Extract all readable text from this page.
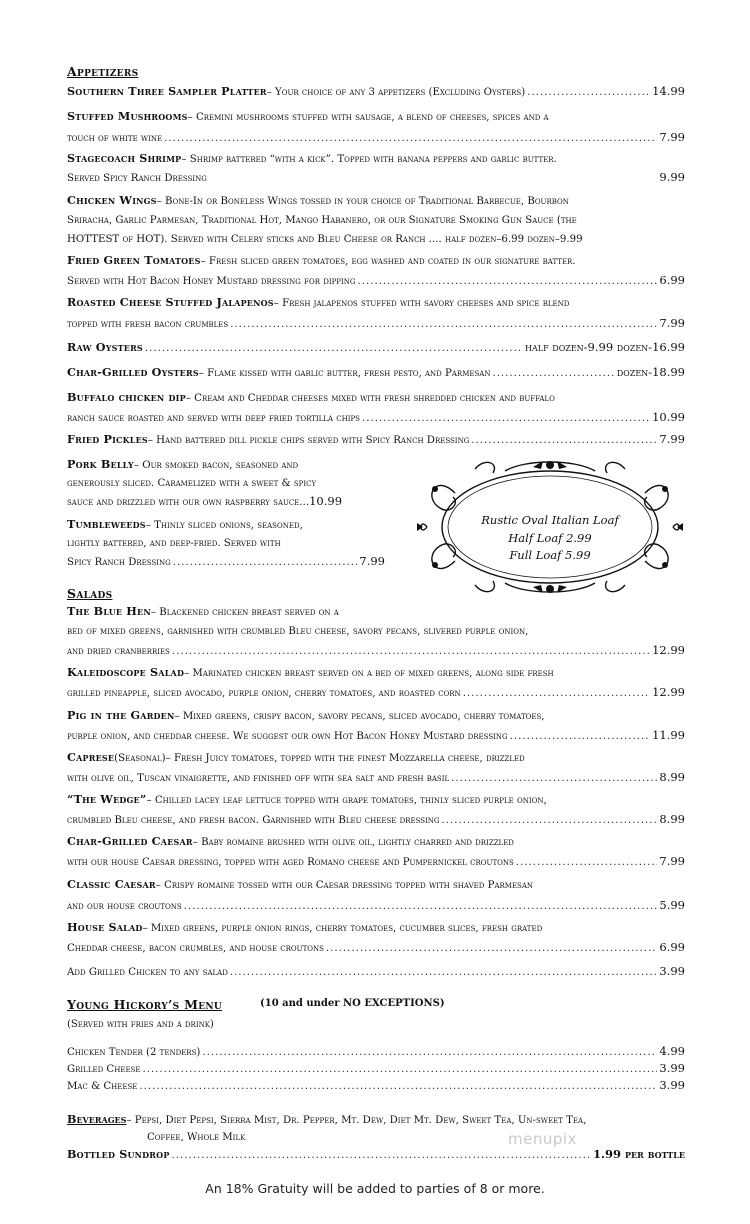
Appetizers
Southern Three Sampler Platter – Your choice of any 3 appetizers (Excluding Oysters) .....	14.99
Stuffed Mushrooms – Cremini mushrooms stuffed with sausage, a blend of cheeses, spices and a
touch of white wine .....	7.99
Stagecoach Shrimp – Shrimp battered “with a kick”. Topped with banana peppers and garlic butter.
Served Spicy Ranch Dressing	9.99
Chicken Wings – Bone-In or Boneless Wings tossed in your choice of Traditional Barbecue, Bourbon
Sriracha, Garlic Parmesan, Traditional Hot, Mango Habanero, or our Signature Smoking Gun Sauce (the
HOTTEST of HOT). Served with Celery sticks and Bleu Cheese or Ranch .... half dozen–6.99 dozen–9.99
Fried Green Tomatoes – Fresh sliced green tomatoes, egg washed and coated in our signature batter.
Served with Hot Bacon Honey Mustard dressing for dipping .....	6.99
Roasted Cheese Stuffed Jalapenos – Fresh jalapenos stuffed with savory cheeses and spice blend
topped with fresh bacon crumbles .....	7.99
Raw Oysters .....	half dozen-9.99 dozen-16.99
Char-Grilled Oysters – Flame kissed with garlic butter, fresh pesto, and Parmesan .....	dozen-18.99
Buffalo chicken dip – Cream and Cheddar cheeses mixed with fresh shredded chicken and buffalo
ranch sauce roasted and served with deep fried tortilla chips .....	10.99
Fried Pickles – Hand battered dill pickle chips served with Spicy Ranch Dressing .....	7.99
Pork Belly – Our smoked bacon, seasoned and
generously sliced. Caramelized with a sweet & spicy
sauce and drizzled with our own raspberry sauce... 10.99
Tumbleweeds – Thinly sliced onions, seasoned,
lightly battered, and deep-fried. Served with
Spicy Ranch Dressing .....	7.99
Rustic Oval Italian Loaf
Half Loaf 2.99
Full Loaf 5.99
Salads
The Blue Hen – Blackened chicken breast served on a
bed of mixed greens, garnished with crumbled Bleu cheese, savory pecans, slivered purple onion,
and dried cranberries .....	12.99
Kaleidoscope Salad – Marinated chicken breast served on a bed of mixed greens, along side fresh
grilled pineapple, sliced avocado, purple onion, cherry tomatoes, and roasted corn .....	12.99
Pig in the Garden – Mixed greens, crispy bacon, savory pecans, sliced avocado, cherry tomatoes,
purple onion, and cheddar cheese. We suggest our own Hot Bacon Honey Mustard dressing .....	11.99
Caprese (Seasonal) – Fresh Juicy tomatoes, topped with the finest Mozzarella cheese, drizzled
with olive oil, Tuscan vinaigrette, and finished off with sea salt and fresh basil .....	8.99
“The Wedge” – Chilled lacey leaf lettuce topped with grape tomatoes, thinly sliced purple onion,
crumbled Bleu cheese, and fresh bacon. Garnished with Bleu cheese dressing .....	8.99
Char-Grilled Caesar – Baby romaine brushed with olive oil, lightly charred and drizzled
with our house Caesar dressing, topped with aged Romano cheese and Pumpernickel croutons .....	7.99
Classic Caesar – Crispy romaine tossed with our Caesar dressing topped with shaved Parmesan
and our house croutons .....	5.99
House Salad – Mixed greens, purple onion rings, cherry tomatoes, cucumber slices, fresh grated
Cheddar cheese, bacon crumbles, and house croutons .....	6.99
Add Grilled Chicken to any salad .....	3.99
Young Hickory’s Menu	(10 and under NO EXCEPTIONS)
(Served with fries and a drink)
Chicken Tender (2 tenders) .....	4.99
Grilled Cheese .....	3.99
Mac & Cheese .....	3.99
Beverages – Pepsi, Diet Pepsi, Sierra Mist, Dr. Pepper, Mt. Dew, Diet Mt. Dew, Sweet Tea, Un-sweet Tea,
Coffee, Whole Milk
Bottled Sundrop .....	1.99 per bottle
menupix
An 18% Gratuity will be added to parties of 8 or more.
